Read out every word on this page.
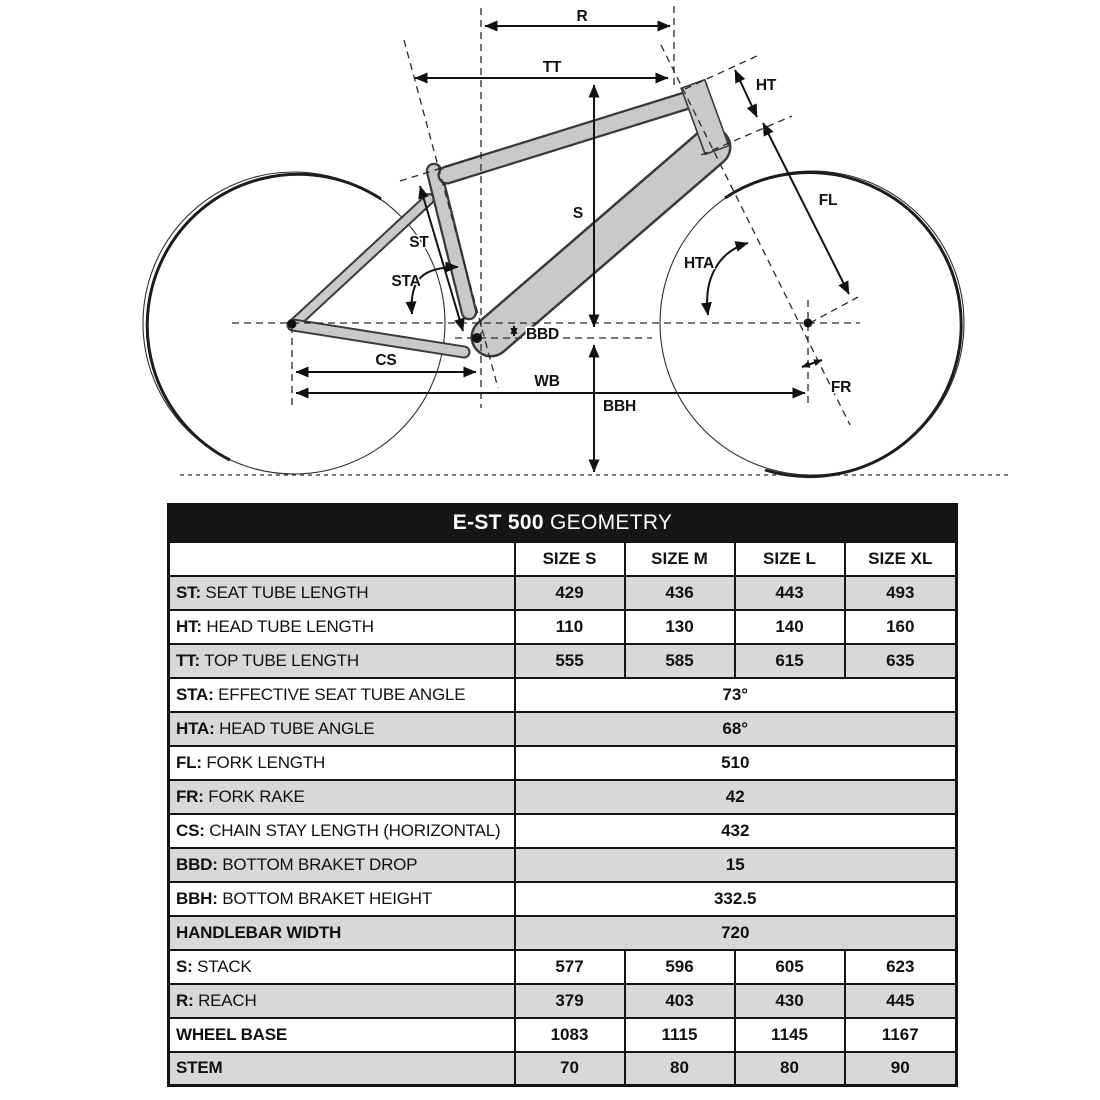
R
TT
HT
FL
S
ST
STA
HTA
BBD
CS
WB
BBH
FR
E-ST 500 GEOMETRY				
	SIZE S	SIZE M	SIZE L	SIZE XL
ST: SEAT TUBE LENGTH	429	436	443	493
HT: HEAD TUBE LENGTH	110	130	140	160
TT: TOP TUBE LENGTH	555	585	615	635
STA: EFFECTIVE SEAT TUBE ANGLE	73°			
HTA: HEAD TUBE ANGLE	68°			
FL: FORK LENGTH	510			
FR: FORK RAKE	42			
CS: CHAIN STAY LENGTH (HORIZONTAL)	432			
BBD: BOTTOM BRAKET DROP	15			
BBH: BOTTOM BRAKET HEIGHT	332.5			
HANDLEBAR WIDTH	720			
S: STACK	577	596	605	623
R: REACH	379	403	430	445
WHEEL BASE	1083	1115	1145	1167
STEM	70	80	80	90
